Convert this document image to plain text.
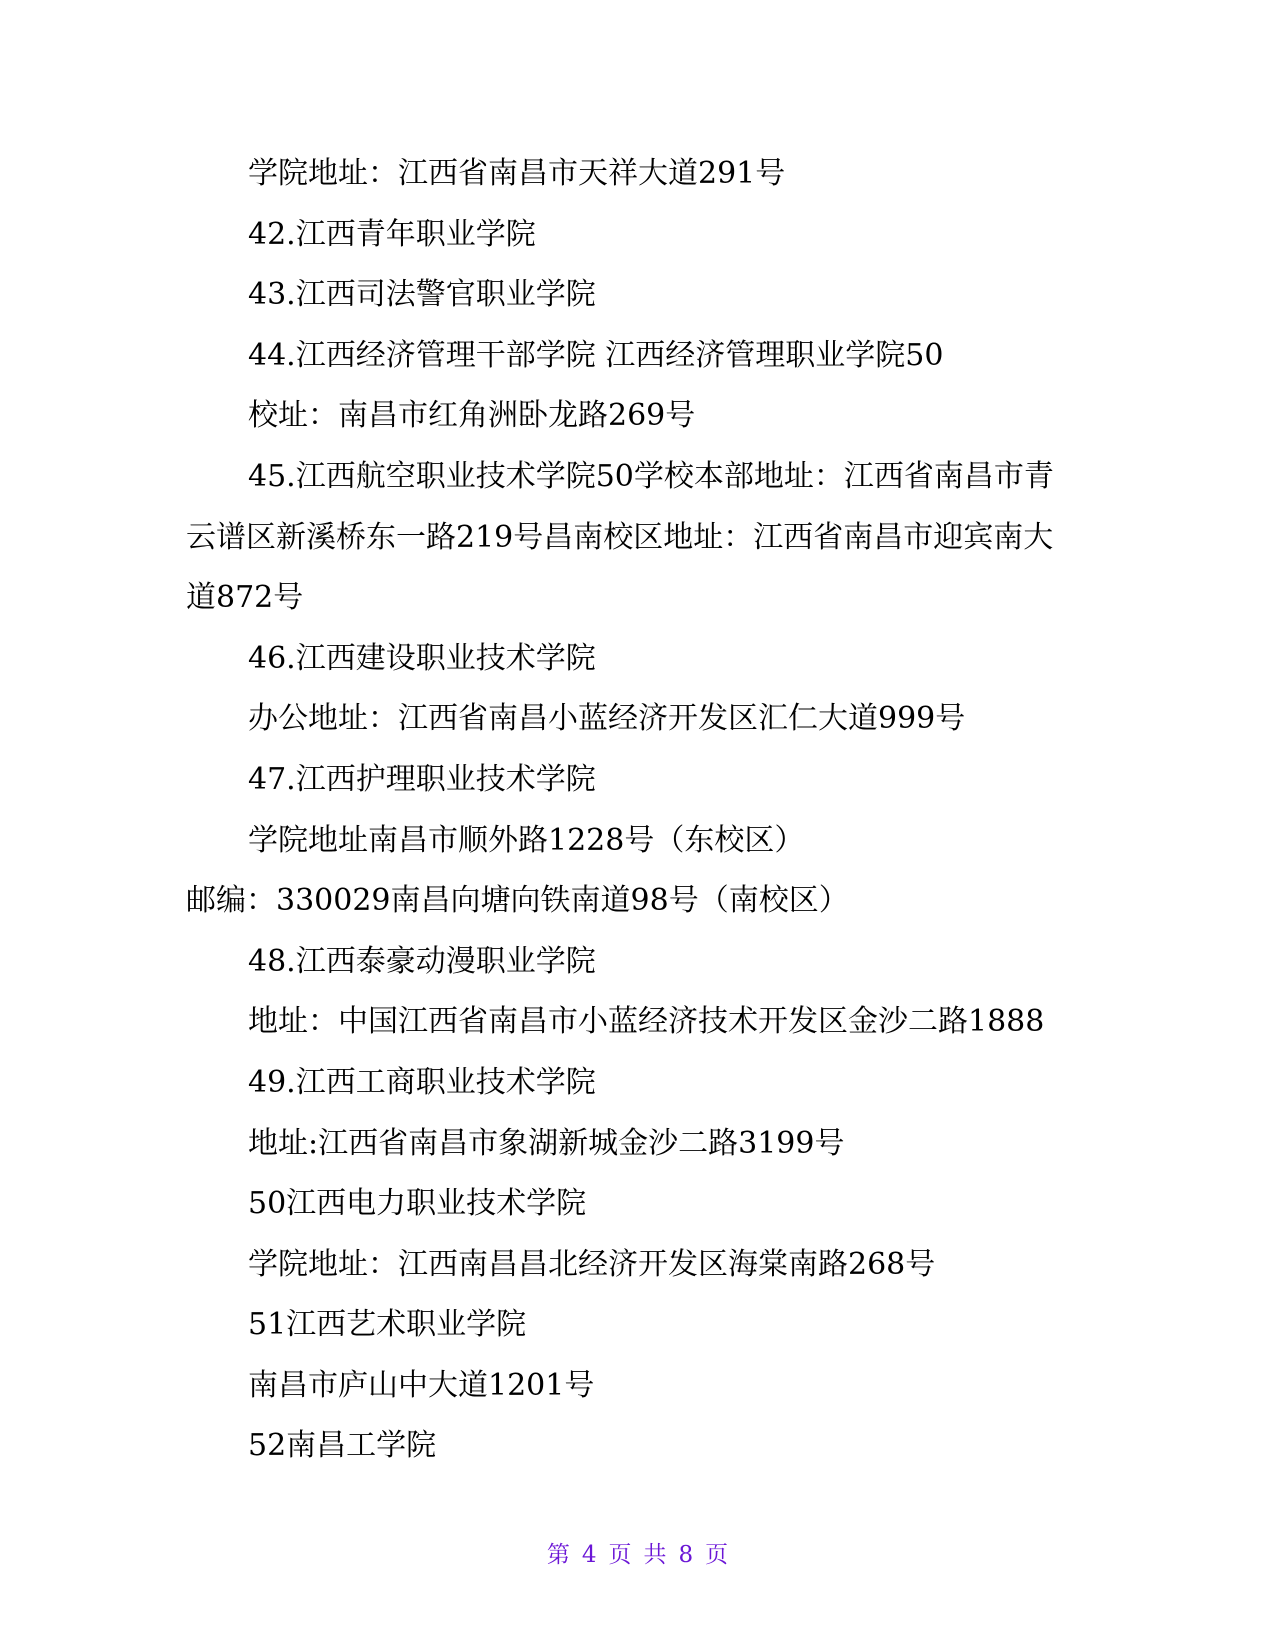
学院地址：江西省南昌市天祥大道291号
42.江西青年职业学院
43.江西司法警官职业学院
44.江西经济管理干部学院 江西经济管理职业学院50
校址：南昌市红角洲卧龙路269号
45.江西航空职业技术学院50学校本部地址：江西省南昌市青
云谱区新溪桥东一路219号昌南校区地址：江西省南昌市迎宾南大
道872号
46.江西建设职业技术学院
办公地址：江西省南昌小蓝经济开发区汇仁大道999号
47.江西护理职业技术学院
学院地址南昌市顺外路1228号（东校区）
邮编：330029南昌向塘向铁南道98号（南校区）
48.江西泰豪动漫职业学院
地址：中国江西省南昌市小蓝经济技术开发区金沙二路1888
49.江西工商职业技术学院
地址:江西省南昌市象湖新城金沙二路3199号
50江西电力职业技术学院
学院地址：江西南昌昌北经济开发区海棠南路268号
51江西艺术职业学院
南昌市庐山中大道1201号
52南昌工学院
第 4 页 共 8 页
